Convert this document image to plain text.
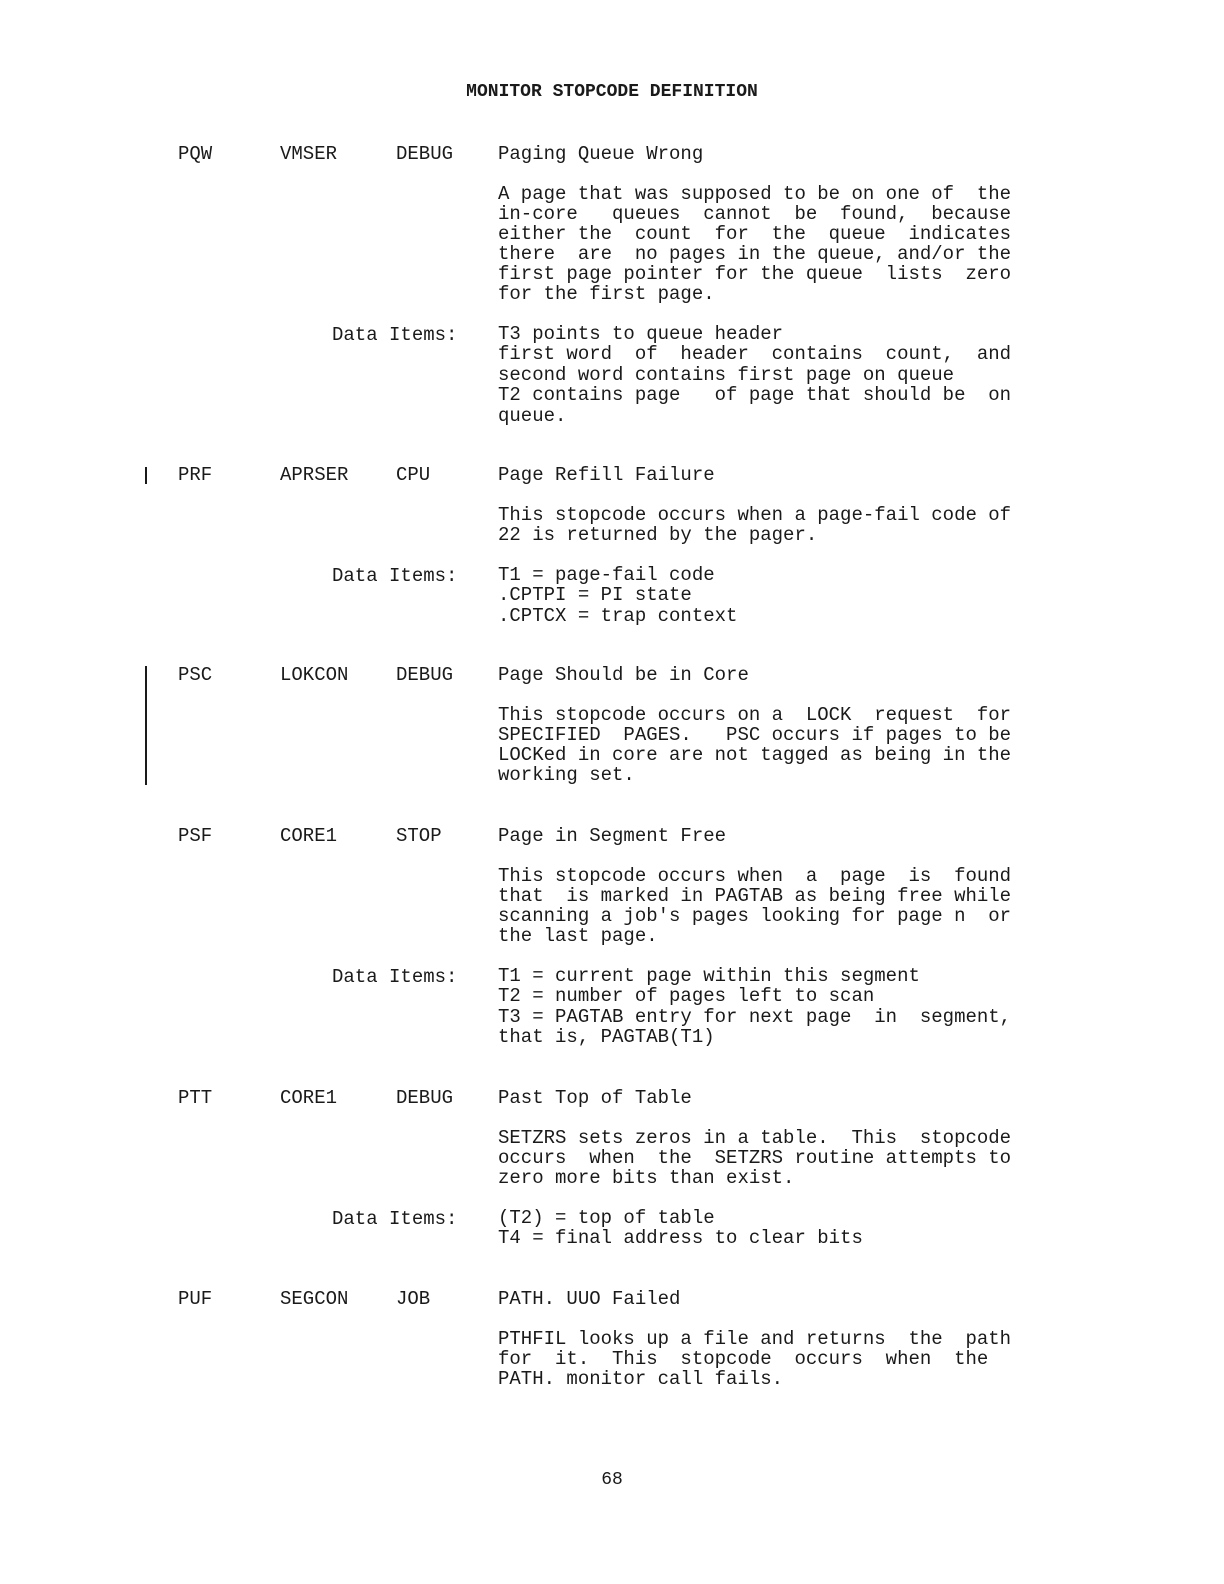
MONITOR STOPCODE DEFINITION
PQW	VMSER	DEBUG Paging Queue Wrong
A page that was supposed to be on one of  the
in-core   queues  cannot  be  found,  because
either the  count  for  the  queue  indicates
there  are  no pages in the queue, and/or the
first page pointer for the queue  lists  zero
for the first page.
Data Items: T3 points to queue header
first word  of  header  contains  count,  and
second word contains first page on queue
T2 contains page   of page that should be  on
queue.
PRF	APRSER	CPU	Page Refill Failure
This stopcode occurs when a page-fail code of
22 is returned by the pager.
Data Items: T1 = page-fail code
.CPTPI = PI state
.CPTCX = trap context
PSC	LOKCON	DEBUG Page Should be in Core
This stopcode occurs on a  LOCK  request  for
SPECIFIED  PAGES.   PSC occurs if pages to be
LOCKed in core are not tagged as being in the
working set.
PSF	CORE1	STOP	Page in Segment Free
This stopcode occurs when  a  page  is  found
that  is marked in PAGTAB as being free while
scanning a job's pages looking for page n  or
the last page.
Data Items: T1 = current page within this segment
T2 = number of pages left to scan
T3 = PAGTAB entry for next page  in  segment,
that is, PAGTAB(T1)
PTT	CORE1	DEBUG Past Top of Table
SETZRS sets zeros in a table.  This  stopcode
occurs  when  the  SETZRS routine attempts to
zero more bits than exist.
Data Items: (T2) = top of table
T4 = final address to clear bits
PUF	SEGCON	JOB	PATH. UUO Failed
PTHFIL looks up a file and returns  the  path
for  it.  This  stopcode  occurs  when  the
PATH. monitor call fails.
68
